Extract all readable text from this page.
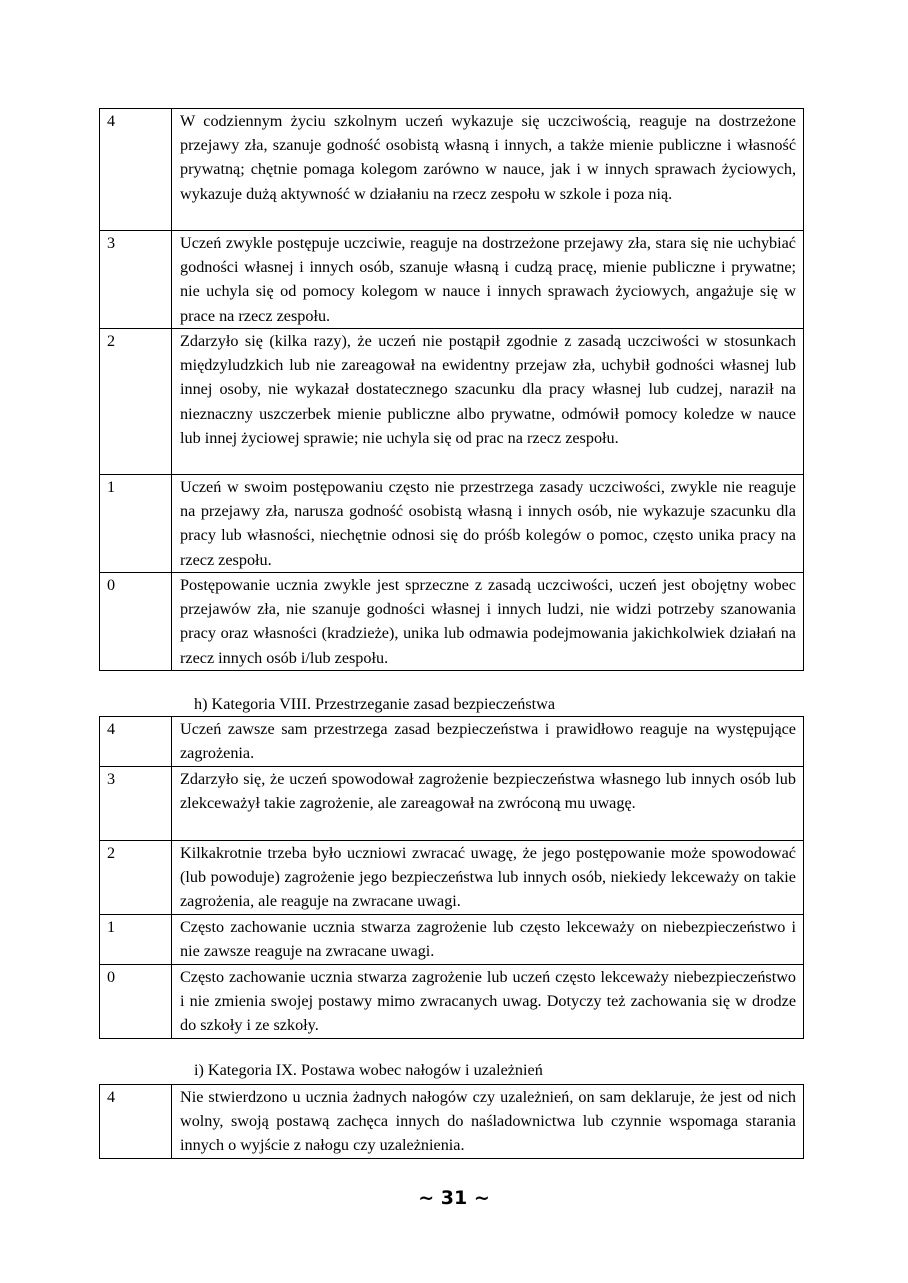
4	W codziennym życiu szkolnym uczeń wykazuje się uczciwością, reaguje na dostrzeżone przejawy zła, szanuje godność osobistą własną i innych, a także mienie publiczne i własność prywatną; chętnie pomaga kolegom zarówno w nauce, jak i w innych sprawach życiowych, wykazuje dużą aktywność w działaniu na rzecz zespołu w szkole i poza nią.
3	Uczeń zwykle postępuje uczciwie, reaguje na dostrzeżone przejawy zła, stara się nie uchybiać godności własnej i innych osób, szanuje własną i cudzą pracę, mienie publiczne i prywatne; nie uchyla się od pomocy kolegom w nauce i innych sprawach życiowych, angażuje się w prace na rzecz zespołu.
2	Zdarzyło się (kilka razy), że uczeń nie postąpił zgodnie z zasadą uczciwości w stosunkach międzyludzkich lub nie zareagował na ewidentny przejaw zła, uchybił godności własnej lub innej osoby, nie wykazał dostatecznego szacunku dla pracy własnej lub cudzej, naraził na nieznaczny uszczerbek mienie publiczne albo prywatne, odmówił pomocy koledze w nauce lub innej życiowej sprawie; nie uchyla się od prac na rzecz zespołu.
1	Uczeń w swoim postępowaniu często nie przestrzega zasady uczciwości, zwykle nie reaguje na przejawy zła, narusza godność osobistą własną i innych osób, nie wykazuje szacunku dla pracy lub własności, niechętnie odnosi się do próśb kolegów o pomoc, często unika pracy na rzecz zespołu.
0	Postępowanie ucznia zwykle jest sprzeczne z zasadą uczciwości, uczeń jest obojętny wobec przejawów zła, nie szanuje godności własnej i innych ludzi, nie widzi potrzeby szanowania pracy oraz własności (kradzieże), unika lub odmawia podejmowania jakichkolwiek działań na rzecz innych osób i/lub zespołu.
h) Kategoria VIII. Przestrzeganie zasad bezpieczeństwa
4	Uczeń zawsze sam przestrzega zasad bezpieczeństwa i prawidłowo reaguje na występujące zagrożenia.
3	Zdarzyło się, że uczeń spowodował zagrożenie bezpieczeństwa własnego lub innych osób lub zlekceważył takie zagrożenie, ale zareagował na zwróconą mu uwagę.
2	Kilkakrotnie trzeba było uczniowi zwracać uwagę, że jego postępowanie może spowodować (lub powoduje) zagrożenie jego bezpieczeństwa lub innych osób, niekiedy lekceważy on takie zagrożenia, ale reaguje na zwracane uwagi.
1	Często zachowanie ucznia stwarza zagrożenie lub często lekceważy on niebezpieczeństwo i nie zawsze reaguje na zwracane uwagi.
0	Często zachowanie ucznia stwarza zagrożenie lub uczeń często lekceważy niebezpieczeństwo i nie zmienia swojej postawy mimo zwracanych uwag. Dotyczy też zachowania się w drodze do szkoły i ze szkoły.
i) Kategoria IX. Postawa wobec nałogów i uzależnień
4	Nie stwierdzono u ucznia żadnych nałogów czy uzależnień, on sam deklaruje, że jest od nich wolny, swoją postawą zachęca innych do naśladownictwa lub czynnie wspomaga starania innych o wyjście z nałogu czy uzależnienia.
~ 31 ~
